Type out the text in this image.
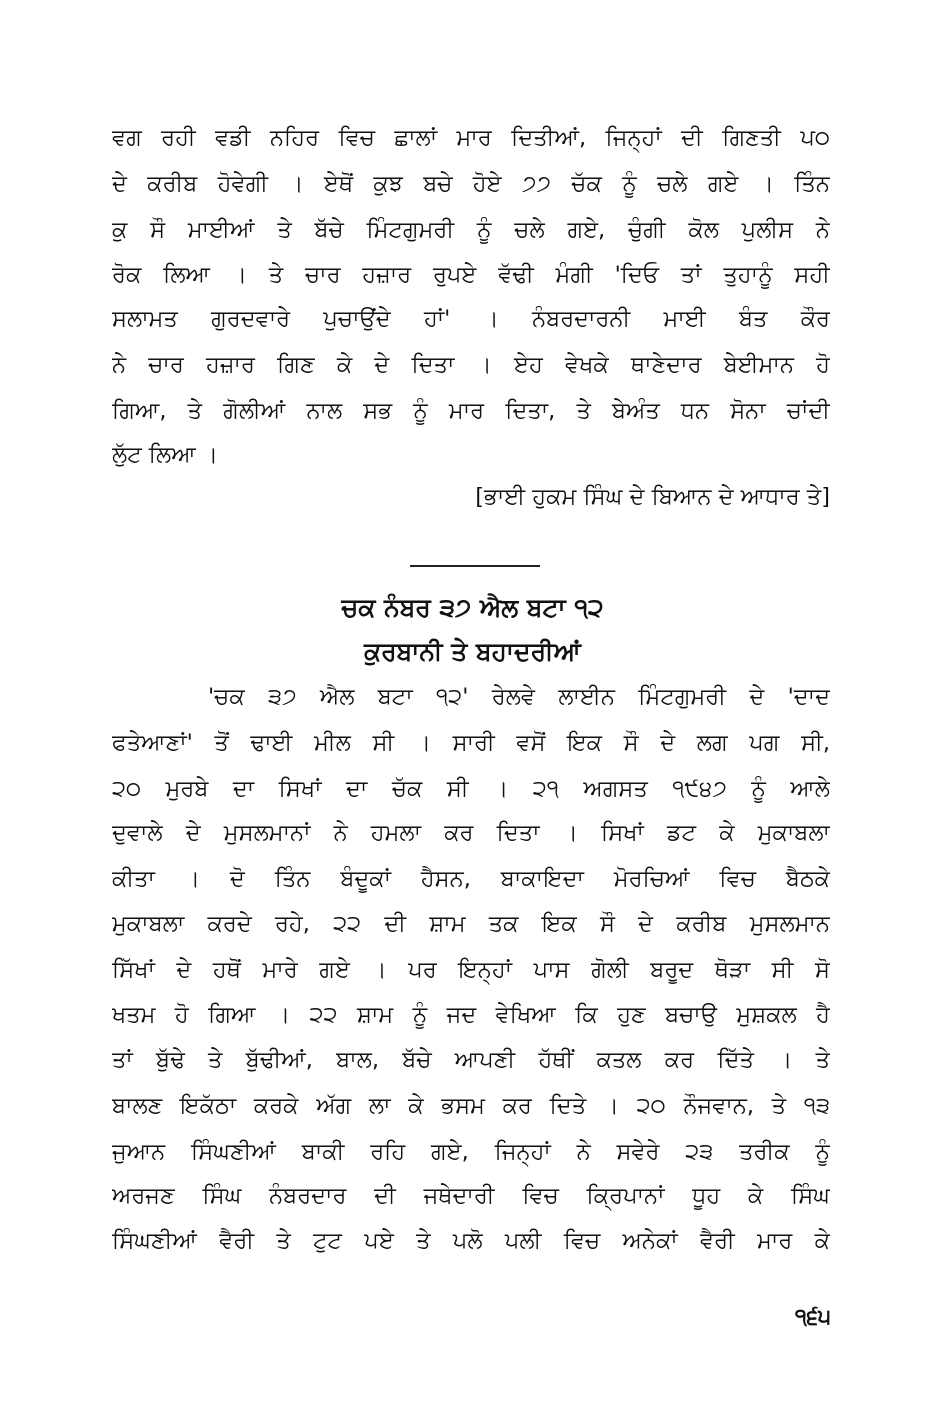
ਵਗ ਰਹੀ ਵਡੀ ਨਹਿਰ ਵਿਚ ਛਾਲਾਂ ਮਾਰ ਦਿਤੀਆਂ, ਜਿਨ੍ਹਾਂ ਦੀ ਗਿਣਤੀ ਪ੦
ਦੇ ਕਰੀਬ ਹੋਵੇਗੀ । ਏਥੋਂ ਕੁਝ ਬਚੇ ਹੋਏ ੭੭ ਚੱਕ ਨੂੰ ਚਲੇ ਗਏ । ਤਿੰਨ
ਕੁ ਸੌ ਮਾਈਆਂ ਤੇ ਬੱਚੇ ਮਿੰਟਗੁਮਰੀ ਨੂੰ ਚਲੇ ਗਏ, ਚੁੰਗੀ ਕੋਲ ਪੁਲੀਸ ਨੇ
ਰੋਕ ਲਿਆ । ਤੇ ਚਾਰ ਹਜ਼ਾਰ ਰੁਪਏ ਵੱਢੀ ਮੰਗੀ 'ਦਿਓ ਤਾਂ ਤੁਹਾਨੂੰ ਸਹੀ
ਸਲਾਮਤ ਗੁਰਦਵਾਰੇ ਪੁਚਾਉਂਦੇ ਹਾਂ' । ਨੰਬਰਦਾਰਨੀ ਮਾਈ ਬੰਤ ਕੌਰ
ਨੇ ਚਾਰ ਹਜ਼ਾਰ ਗਿਣ ਕੇ ਦੇ ਦਿਤਾ । ਏਹ ਵੇਖਕੇ ਥਾਣੇਦਾਰ ਬੇਈਮਾਨ ਹੋ
ਗਿਆ, ਤੇ ਗੋਲੀਆਂ ਨਾਲ ਸਭ ਨੂੰ ਮਾਰ ਦਿਤਾ, ਤੇ ਬੇਅੰਤ ਧਨ ਸੋਨਾ ਚਾਂਦੀ
ਲੁੱਟ ਲਿਆ ।
[ਭਾਈ ਹੁਕਮ ਸਿੰਘ ਦੇ ਬਿਆਨ ਦੇ ਆਧਾਰ ਤੇ]
ਚਕ ਨੰਬਰ ੩੭ ਐਲ ਬਟਾ ੧੨
ਕੁਰਬਾਨੀ ਤੇ ਬਹਾਦਰੀਆਂ
'ਚਕ ੩੭ ਐਲ ਬਟਾ ੧੨' ਰੇਲਵੇ ਲਾਈਨ ਮਿੰਟਗੁਮਰੀ ਦੇ 'ਦਾਦ
ਫਤੇਆਣਾਂ' ਤੋਂ ਢਾਈ ਮੀਲ ਸੀ । ਸਾਰੀ ਵਸੋਂ ਇਕ ਸੌ ਦੇ ਲਗ ਪਗ ਸੀ,
੨੦ ਮੁਰਬੇ ਦਾ ਸਿਖਾਂ ਦਾ ਚੱਕ ਸੀ । ੨੧ ਅਗਸਤ ੧੯੪੭ ਨੂੰ ਆਲੇ
ਦੁਵਾਲੇ ਦੇ ਮੁਸਲਮਾਨਾਂ ਨੇ ਹਮਲਾ ਕਰ ਦਿਤਾ । ਸਿਖਾਂ ਡਟ ਕੇ ਮੁਕਾਬਲਾ
ਕੀਤਾ । ਦੋ ਤਿੰਨ ਬੰਦੂਕਾਂ ਹੈਸਨ, ਬਾਕਾਇਦਾ ਮੋਰਚਿਆਂ ਵਿਚ ਬੈਠਕੇ
ਮੁਕਾਬਲਾ ਕਰਦੇ ਰਹੇ, ੨੨ ਦੀ ਸ਼ਾਮ ਤਕ ਇਕ ਸੌ ਦੇ ਕਰੀਬ ਮੁਸਲਮਾਨ
ਸਿੱਖਾਂ ਦੇ ਹਥੋਂ ਮਾਰੇ ਗਏ । ਪਰ ਇਨ੍ਹਾਂ ਪਾਸ ਗੋਲੀ ਬਰੂਦ ਥੋੜਾ ਸੀ ਸੋ
ਖਤਮ ਹੋ ਗਿਆ । ੨੨ ਸ਼ਾਮ ਨੂੰ ਜਦ ਵੇਖਿਆ ਕਿ ਹੁਣ ਬਚਾਉ ਮੁਸ਼ਕਲ ਹੈ
ਤਾਂ ਬੁੱਢੇ ਤੇ ਬੁੱਢੀਆਂ, ਬਾਲ, ਬੱਚੇ ਆਪਣੀ ਹੱਥੀਂ ਕਤਲ ਕਰ ਦਿੱਤੇ । ਤੇ
ਬਾਲਣ ਇਕੱਠਾ ਕਰਕੇ ਅੱਗ ਲਾ ਕੇ ਭਸਮ ਕਰ ਦਿਤੇ । ੨੦ ਨੌਜਵਾਨ, ਤੇ ੧੩
ਜੁਆਨ ਸਿੰਘਣੀਆਂ ਬਾਕੀ ਰਹਿ ਗਏ, ਜਿਨ੍ਹਾਂ ਨੇ ਸਵੇਰੇ ੨੩ ਤਰੀਕ ਨੂੰ
ਅਰਜਣ ਸਿੰਘ ਨੰਬਰਦਾਰ ਦੀ ਜਥੇਦਾਰੀ ਵਿਚ ਕ੍ਰਿਪਾਨਾਂ ਧੂਹ ਕੇ ਸਿੰਘ
ਸਿੰਘਣੀਆਂ ਵੈਰੀ ਤੇ ਟੁਟ ਪਏ ਤੇ ਪਲੋ ਪਲੀ ਵਿਚ ਅਨੇਕਾਂ ਵੈਰੀ ਮਾਰ ਕੇ
੧੬੫
